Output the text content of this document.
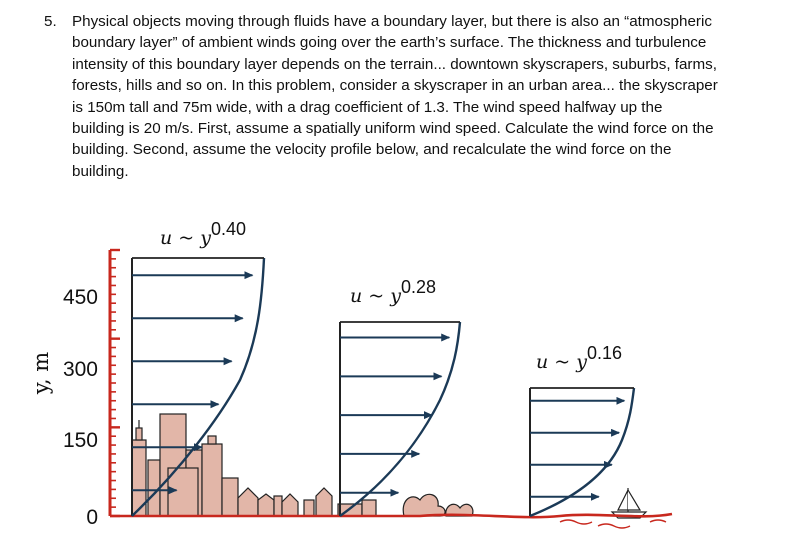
5. Physical objects moving through fluids have a boundary layer, but there is also an “atmospheric
boundary layer” of ambient winds going over the earth’s surface. The thickness and turbulence
intensity of this boundary layer depends on the terrain... downtown skyscrapers, suburbs, farms,
forests, hills and so on. In this problem, consider a skyscraper in an urban area... the skyscraper
is 150m tall and 75m wide, with a drag coefficient of 1.3. The wind speed halfway up the
building is 20 m/s. First, assume a spatially uniform wind speed. Calculate the wind force on the
building. Second, assume the velocity profile below, and recalculate the wind force on the
building.
y, m
450
300
150
0
u ~ y0.40
u ~ y0.28
u ~ y0.16
